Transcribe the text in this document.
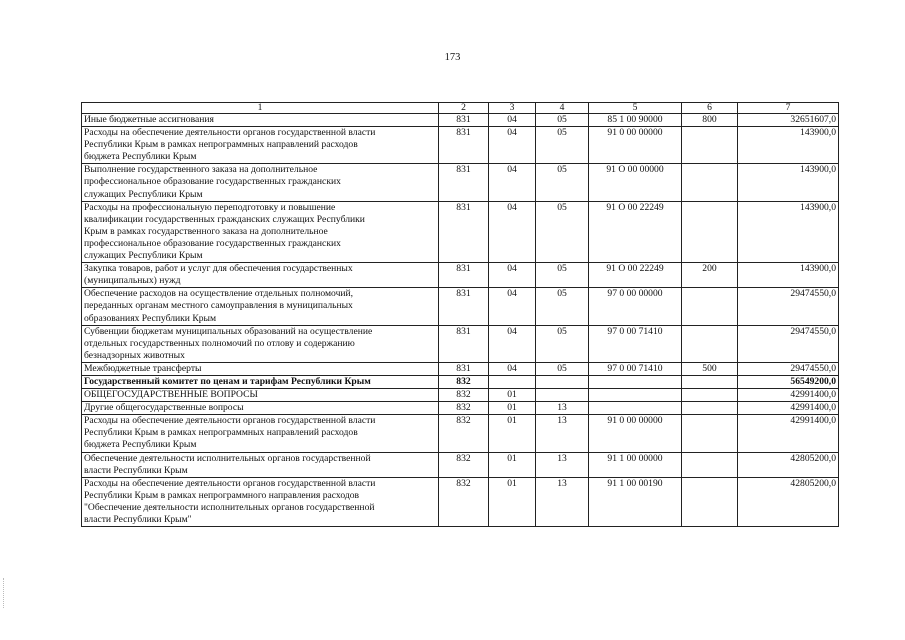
173
1	2	3	4	5	6	7
Иные бюджетные ассигнования	831	04	05	85 1 00 90000	800	32651607,0
Расходы на обеспечение деятельности органов государственной власти
Республики Крым в рамках непрограммных направлений расходов
бюджета Республики Крым	831	04	05	91 0 00 00000		143900,0
Выполнение государственного заказа на дополнительное
профессиональное образование государственных гражданских
служащих Республики Крым	831	04	05	91 О 00 00000		143900,0
Расходы на профессиональную переподготовку и повышение
квалификации государственных гражданских служащих Республики
Крым в рамках государственного заказа на дополнительное
профессиональное образование государственных гражданских
служащих Республики Крым	831	04	05	91 О 00 22249		143900,0
Закупка товаров, работ и услуг для обеспечения государственных
(муниципальных) нужд	831	04	05	91 О 00 22249	200	143900,0
Обеспечение расходов на осуществление отдельных полномочий,
переданных органам местного самоуправления в муниципальных
образованиях Республики Крым	831	04	05	97 0 00 00000		29474550,0
Субвенции бюджетам муниципальных образований на осуществление
отдельных государственных полномочий по отлову и содержанию
безнадзорных животных	831	04	05	97 0 00 71410		29474550,0
Межбюджетные трансферты	831	04	05	97 0 00 71410	500	29474550,0
Государственный комитет по ценам и тарифам Республики Крым	832					56549200,0
ОБЩЕГОСУДАРСТВЕННЫЕ ВОПРОСЫ	832	01				42991400,0
Другие общегосударственные вопросы	832	01	13			42991400,0
Расходы на обеспечение деятельности органов государственной власти
Республики Крым в рамках непрограммных направлений расходов
бюджета Республики Крым	832	01	13	91 0 00 00000		42991400,0
Обеспечение деятельности исполнительных органов государственной
власти Республики Крым	832	01	13	91 1 00 00000		42805200,0
Расходы на обеспечение деятельности органов государственной власти
Республики Крым в рамках непрограммного направления расходов
"Обеспечение деятельности исполнительных органов государственной
власти Республики Крым"	832	01	13	91 1 00 00190		42805200,0
